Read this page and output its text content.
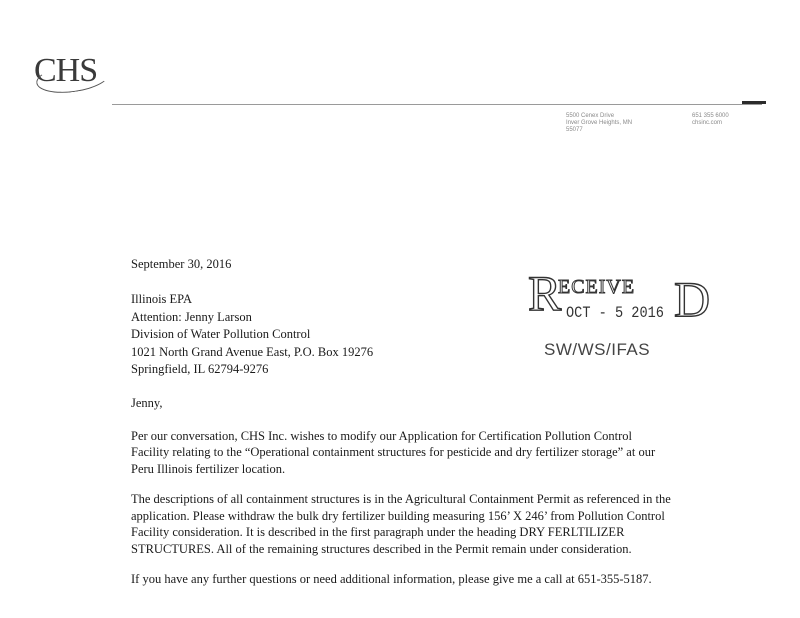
CHS
5500 Cenex Drive
Inver Grove Heights, MN
55077
651 355 6000
chsinc.com
R
ECEIVE D
OCT - 5 2016
SW/WS/IFAS

September 30, 2016

Illinois EPA
Attention: Jenny Larson
Division of Water Pollution Control
1021 North Grand Avenue East, P.O. Box 19276
Springfield, IL 62794-9276

Jenny,

Per our conversation, CHS Inc. wishes to modify our Application for Certification Pollution Control Facility relating to the “Operational containment structures for pesticide and dry fertilizer storage” at our Peru Illinois fertilizer location.

The descriptions of all containment structures is in the Agricultural Containment Permit as referenced in the application. Please withdraw the bulk dry fertilizer building measuring 156’ X 246’ from Pollution Control Facility consideration. It is described in the first paragraph under the heading DRY FERLTILIZER STRUCTURES. All of the remaining structures described in the Permit remain under consideration.

If you have any further questions or need additional information, please give me a call at 651-355-5187.
